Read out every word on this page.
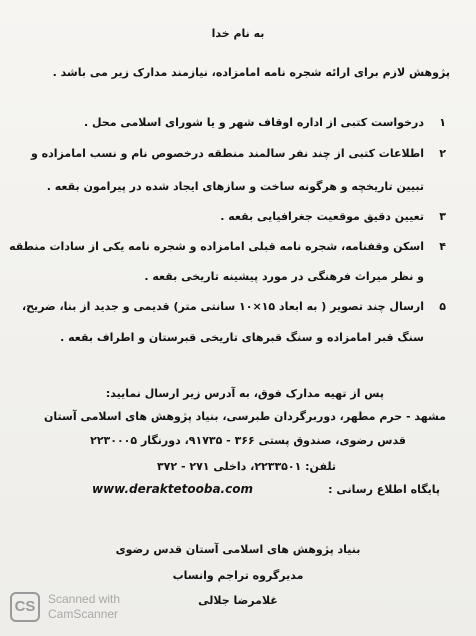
به نام خدا
پژوهش لازم برای ارائه شجره نامه امامزاده، نیازمند مدارک زیر می باشد .
۱
درخواست کتبی از اداره اوقاف شهر و یا شورای اسلامی محل .
۲
اطلاعات کتبی از چند نفر سالمند منطقه درخصوص نام و نسب امامزاده و
تبیین تاریخچه و هرگونه ساخت و سازهای ایجاد شده در پیرامون بقعه .
۳
تعیین دقیق موقعیت جغرافیایی بقعه .
۴
اسکن وقفنامه، شجره نامه قبلی امامزاده و شجره نامه یکی از سادات منطقه
و نظر میراث فرهنگی در مورد پیشینه تاریخی بقعه .
۵
ارسال چند تصویر ( به ابعاد ۱۵×۱۰ سانتی متر) قدیمی و جدید از بنا، ضریح،
سنگ قبر امامزاده و سنگ قبرهای تاریخی قبرستان و اطراف بقعه .
پس از تهیه مدارک فوق، به آدرس زیر ارسال نمایید:
مشهد - حرم مطهر، دوربرگردان طبرسی، بنیاد پژوهش های اسلامی آستان
قدس رضوی، صندوق پستی ۳۶۶ - ۹۱۷۳۵، دورنگار ۲۲۳۰۰۰۵
تلفن: ۲۲۳۳۵۰۱، داخلی ۲۷۱ - ۳۷۲
پایگاه اطلاع رسانی :
www.deraktetooba.com
بنیاد پژوهش های اسلامی آستان قدس رضوی
مدیرگروه تراجم وانساب
غلامرضا جلالی
CS	Scanned with
CamScanner
